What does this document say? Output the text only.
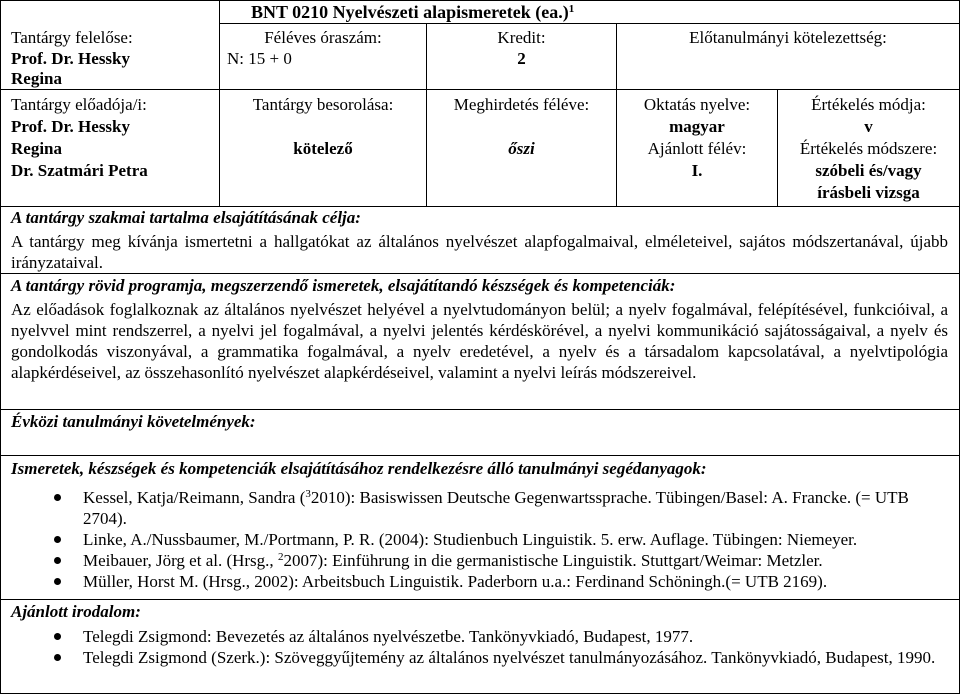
BNT 0210 Nyelvészeti alapismeretek $(ea.)^1$
Tantárgy felelőse:
Prof. Dr. Hessky
Regina
Féléves óraszám:
N: 15 + 0
Kredit:
2
Előtanulmányi kötelezettség:
Tantárgy előadója/i:
Prof. Dr. Hessky
Regina
Dr. Szatmári Petra
Tantárgy besorolása:
kötelező
Meghirdetés féléve:
őszi
Oktatás nyelve:
magyar
Ajánlott félév:
I.
Értékelés módja:
v
Értékelés módszere:
szóbeli és/vagy
írásbeli vizsga
A tantárgy szakmai tartalma elsajátításának célja:

A tantárgy meg kívánja ismertetni a hallgatókat az általános nyelvészet alapfogalmaival, elméleteivel, sajátos módszertanával, újabb irányzataival.

A tantárgy rövid programja, megszerzendő ismeretek, elsajátítandó készségek és kompetenciák:

Az előadások foglalkoznak az általános nyelvészet helyével a nyelvtudományon belül; a nyelv fogalmával, felépítésével, funkcióival, a nyelvvel mint rendszerrel, a nyelvi jel fogalmával, a nyelvi jelentés kérdéskörével, a nyelvi kommunikáció sajátosságaival, a nyelv és gondolkodás viszonyával, a grammatika fogalmával, a nyelv eredetével, a nyelv és a társadalom kapcsolatával, a nyelvtipológia alapkérdéseivel, az összehasonlító nyelvészet alapkérdéseivel, valamint a nyelvi leírás módszereivel.

Évközi tanulmányi követelmények:
Ismeretek, készségek és kompetenciák elsajátításához rendelkezésre álló tanulmányi segédanyagok:
Kessel, Katja/Reimann, Sandra ($^3$2010): Basiswissen Deutsche Gegenwartssprache. Tübingen/Basel: A. Francke. (= UTB 2704).
Linke, A./Nussbaumer, M./Portmann, P. R. (2004): Studienbuch Linguistik. 5. erw. Auflage. Tübingen: Niemeyer.
Meibauer, Jörg et al. (Hrsg., $^2$2007): Einführung in die germanistische Linguistik. Stuttgart/Weimar: Metzler.
Müller, Horst M. (Hrsg., 2002): Arbeitsbuch Linguistik. Paderborn u.a.: Ferdinand Schöningh.(= UTB 2169).
Ajánlott irodalom:
Telegdi Zsigmond: Bevezetés az általános nyelvészetbe. Tankönyvkiadó, Budapest, 1977.
Telegdi Zsigmond (Szerk.): Szöveggyűjtemény az általános nyelvészet tanulmányozásához. Tankönyvkiadó, Budapest, 1990.
